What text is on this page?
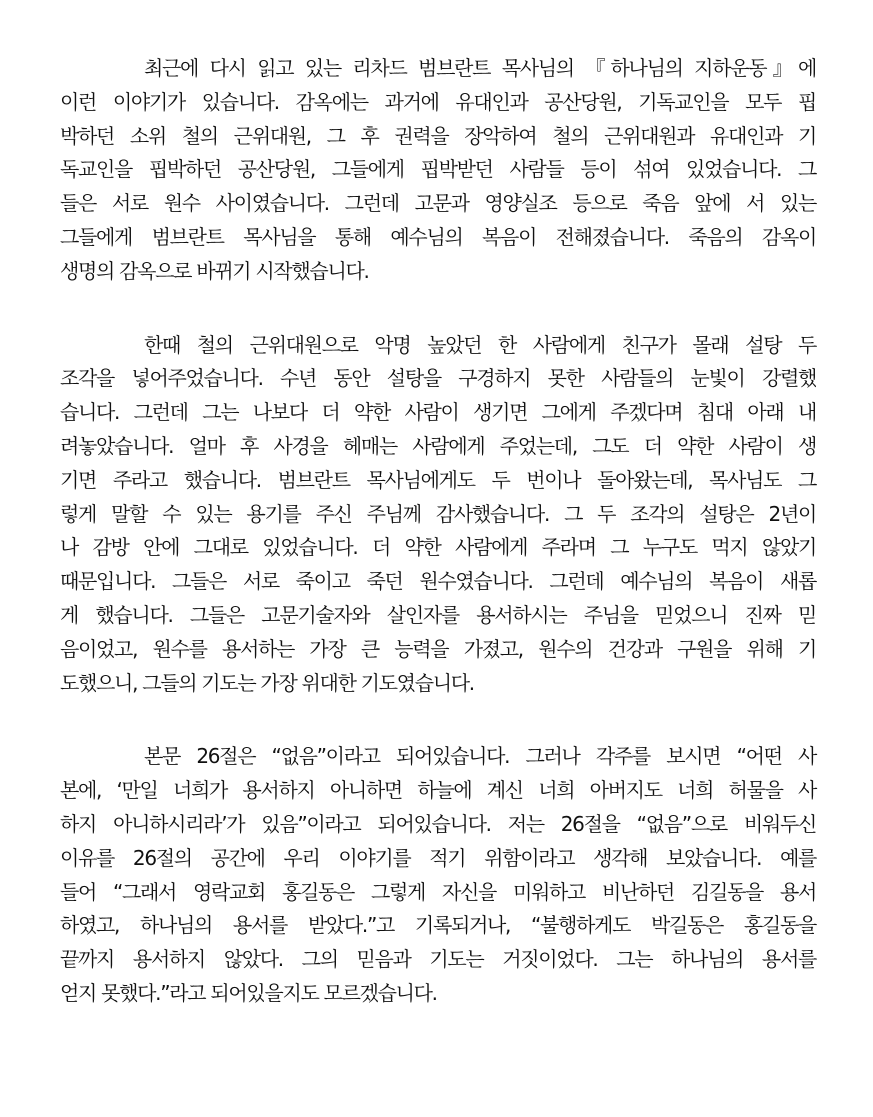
최근에 다시 읽고 있는 리차드 범브란트 목사님의 『하나님의 지하운동』에
이런 이야기가 있습니다. 감옥에는 과거에 유대인과 공산당원, 기독교인을 모두 핍
박하던 소위 철의 근위대원, 그 후 권력을 장악하여 철의 근위대원과 유대인과 기
독교인을 핍박하던 공산당원, 그들에게 핍박받던 사람들 등이 섞여 있었습니다. 그
들은 서로 원수 사이였습니다. 그런데 고문과 영양실조 등으로 죽음 앞에 서 있는
그들에게 범브란트 목사님을 통해 예수님의 복음이 전해졌습니다. 죽음의 감옥이
생명의 감옥으로 바뀌기 시작했습니다.
한때 철의 근위대원으로 악명 높았던 한 사람에게 친구가 몰래 설탕 두
조각을 넣어주었습니다. 수년 동안 설탕을 구경하지 못한 사람들의 눈빛이 강렬했
습니다. 그런데 그는 나보다 더 약한 사람이 생기면 그에게 주겠다며 침대 아래 내
려놓았습니다. 얼마 후 사경을 헤매는 사람에게 주었는데, 그도 더 약한 사람이 생
기면 주라고 했습니다. 범브란트 목사님에게도 두 번이나 돌아왔는데, 목사님도 그
렇게 말할 수 있는 용기를 주신 주님께 감사했습니다. 그 두 조각의 설탕은 2년이
나 감방 안에 그대로 있었습니다. 더 약한 사람에게 주라며 그 누구도 먹지 않았기
때문입니다. 그들은 서로 죽이고 죽던 원수였습니다. 그런데 예수님의 복음이 새롭
게 했습니다. 그들은 고문기술자와 살인자를 용서하시는 주님을 믿었으니 진짜 믿
음이었고, 원수를 용서하는 가장 큰 능력을 가졌고, 원수의 건강과 구원을 위해 기
도했으니, 그들의 기도는 가장 위대한 기도였습니다.
본문 26절은 “없음”이라고 되어있습니다. 그러나 각주를 보시면 “어떤 사
본에, ‘만일 너희가 용서하지 아니하면 하늘에 계신 너희 아버지도 너희 허물을 사
하지 아니하시리라’가 있음”이라고 되어있습니다. 저는 26절을 “없음”으로 비워두신
이유를 26절의 공간에 우리 이야기를 적기 위함이라고 생각해 보았습니다. 예를
들어 “그래서 영락교회 홍길동은 그렇게 자신을 미워하고 비난하던 김길동을 용서
하였고, 하나님의 용서를 받았다.”고 기록되거나, “불행하게도 박길동은 홍길동을
끝까지 용서하지 않았다. 그의 믿음과 기도는 거짓이었다. 그는 하나님의 용서를
얻지 못했다.”라고 되어있을지도 모르겠습니다.
